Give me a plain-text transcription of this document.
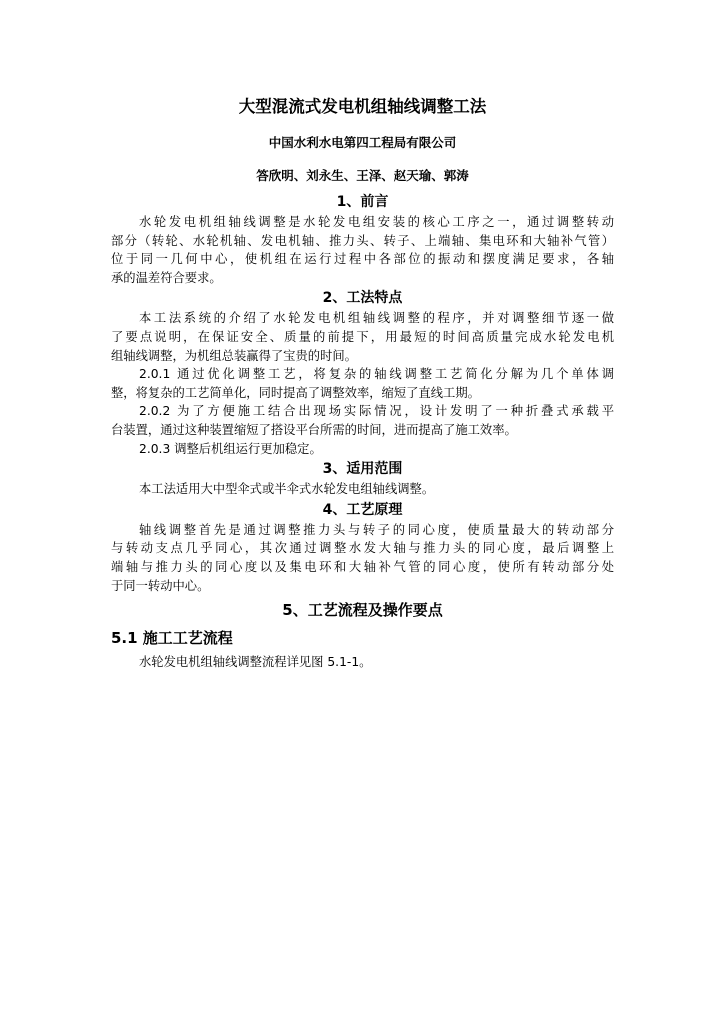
大型混流式发电机组轴线调整工法
中国水利水电第四工程局有限公司
答欣明、刘永生、王泽、赵天瑜、郭涛
1、前言

水轮发电机组轴线调整是水轮发电组安装的核心工序之一，通过调整转动
部分（转轮、水轮机轴、发电机轴、推力头、转子、上端轴、集电环和大轴补气管）
位于同一几何中心，使机组在运行过程中各部位的振动和摆度满足要求，各轴
承的温差符合要求。

2、工法特点

本工法系统的介绍了水轮发电机组轴线调整的程序，并对调整细节逐一做
了要点说明，在保证安全、质量的前提下，用最短的时间高质量完成水轮发电机
组轴线调整，为机组总装赢得了宝贵的时间。

2.0.1 通过优化调整工艺，将复杂的轴线调整工艺简化分解为几个单体调
整，将复杂的工艺简单化，同时提高了调整效率，缩短了直线工期。

2.0.2 为了方便施工结合出现场实际情况，设计发明了一种折叠式承载平
台装置，通过这种装置缩短了搭设平台所需的时间，进而提高了施工效率。

2.0.3 调整后机组运行更加稳定。

3、适用范围

本工法适用大中型伞式或半伞式水轮发电组轴线调整。

4、工艺原理

轴线调整首先是通过调整推力头与转子的同心度，使质量最大的转动部分
与转动支点几乎同心，其次通过调整水发大轴与推力头的同心度，最后调整上
端轴与推力头的同心度以及集电环和大轴补气管的同心度，使所有转动部分处
于同一转动中心。

5、工艺流程及操作要点
5.1 施工工艺流程

水轮发电机组轴线调整流程详见图 5.1-1。
